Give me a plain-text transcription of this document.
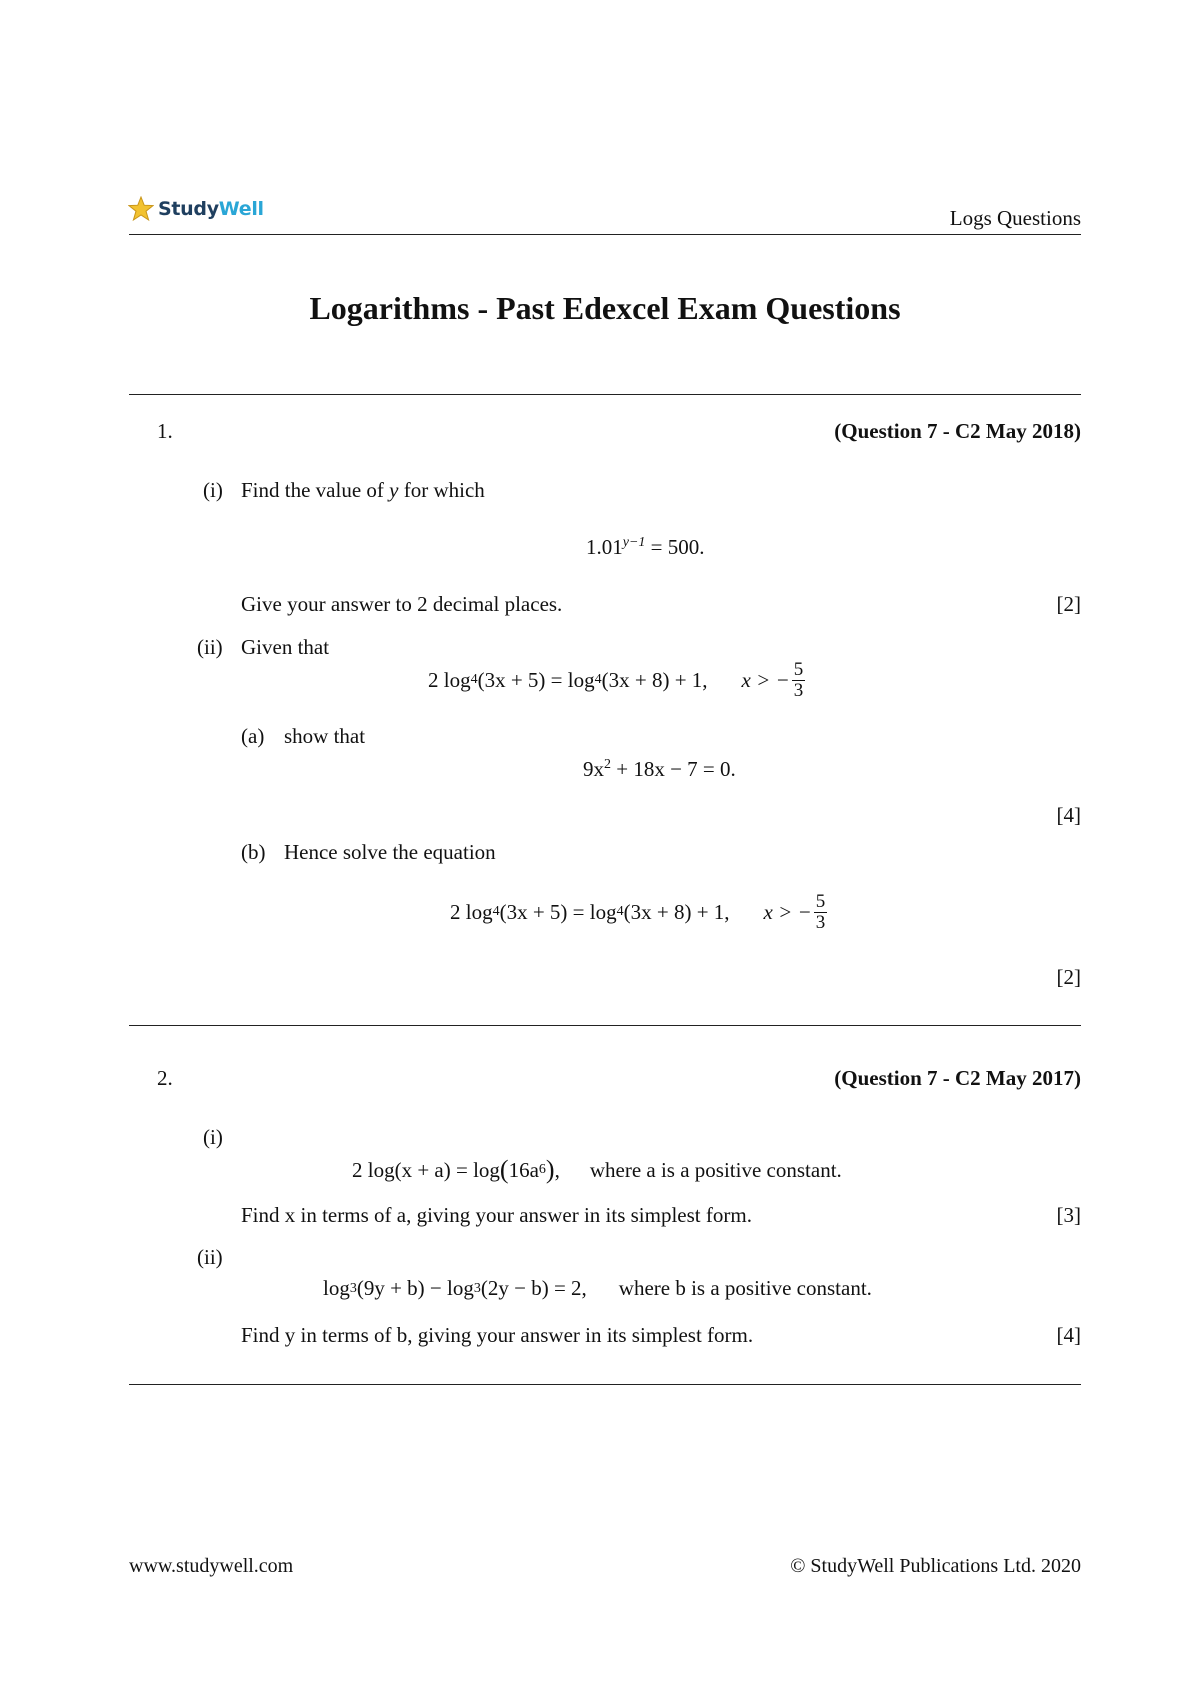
StudyWell	Logs Questions
Logarithms - Past Edexcel Exam Questions
1.	(Question 7 - C2 May 2018)
(i) Find the value of y for which
$1.01^{y-1} = 500$.
Give your answer to 2 decimal places.	[2]
(ii) Given that
2 log 4 (3x + 5) = log 4 (3x + 8) + 1, x > − $\frac{5}{3}$
(a) show that
$9x^2 + 18x - 7 = 0$.
[4]
(b) Hence solve the equation
2 log 4 (3x + 5) = log 4 (3x + 8) + 1, x > − $\frac{5}{3}$
[2]
2.	(Question 7 - C2 May 2017)
(i)
2 log(x + a) = log ( 16a 6 ) , where a is a positive constant.
Find x in terms of a, giving your answer in its simplest form.	[3]
(ii)
log 3 (9y + b) − log 3 (2y − b) = 2, where b is a positive constant.
Find y in terms of b, giving your answer in its simplest form.	[4]
www.studywell.com	© StudyWell Publications Ltd. 2020
